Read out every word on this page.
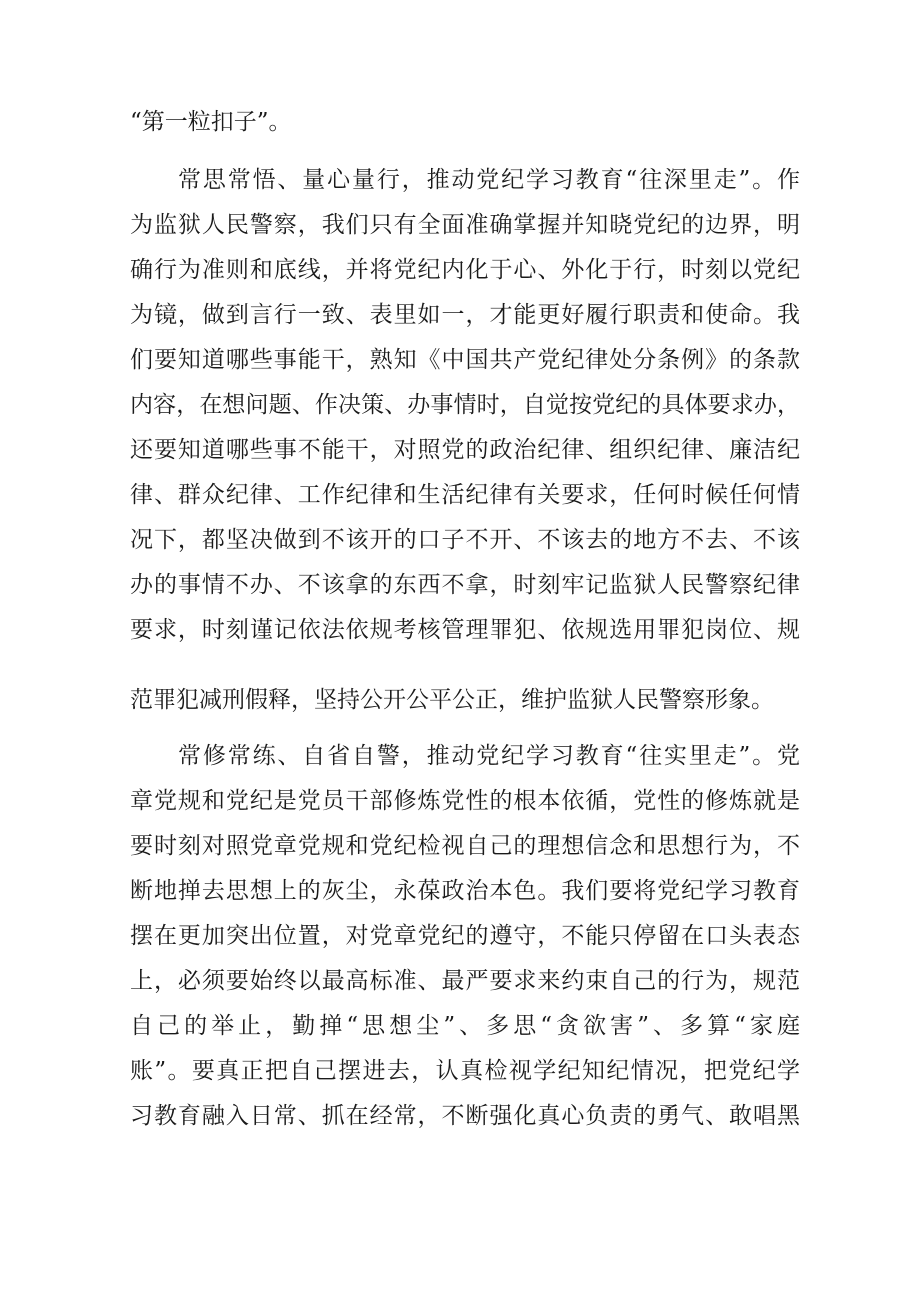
“第一粒扣子”。
常思常悟、量心量行，推动党纪学习教育“往深里走”。作
为监狱人民警察，我们只有全面准确掌握并知晓党纪的边界，明
确行为准则和底线，并将党纪内化于心、外化于行，时刻以党纪
为镜，做到言行一致、表里如一，才能更好履行职责和使命。我
们要知道哪些事能干，熟知《中国共产党纪律处分条例》的条款
内容，在想问题、作决策、办事情时，自觉按党纪的具体要求办，
还要知道哪些事不能干，对照党的政治纪律、组织纪律、廉洁纪
律、群众纪律、工作纪律和生活纪律有关要求，任何时候任何情
况下，都坚决做到不该开的口子不开、不该去的地方不去、不该
办的事情不办、不该拿的东西不拿，时刻牢记监狱人民警察纪律
要求，时刻谨记依法依规考核管理罪犯、依规选用罪犯岗位、规
范罪犯减刑假释，坚持公开公平公正，维护监狱人民警察形象。
常修常练、自省自警，推动党纪学习教育“往实里走”。党
章党规和党纪是党员干部修炼党性的根本依循，党性的修炼就是
要时刻对照党章党规和党纪检视自己的理想信念和思想行为，不
断地掸去思想上的灰尘，永葆政治本色。我们要将党纪学习教育
摆在更加突出位置，对党章党纪的遵守，不能只停留在口头表态
上，必须要始终以最高标准、最严要求来约束自己的行为，规范
自己的举止，勤掸“思想尘”、多思“贪欲害”、多算“家庭
账”。要真正把自己摆进去，认真检视学纪知纪情况，把党纪学
习教育融入日常、抓在经常，不断强化真心负责的勇气、敢唱黑
